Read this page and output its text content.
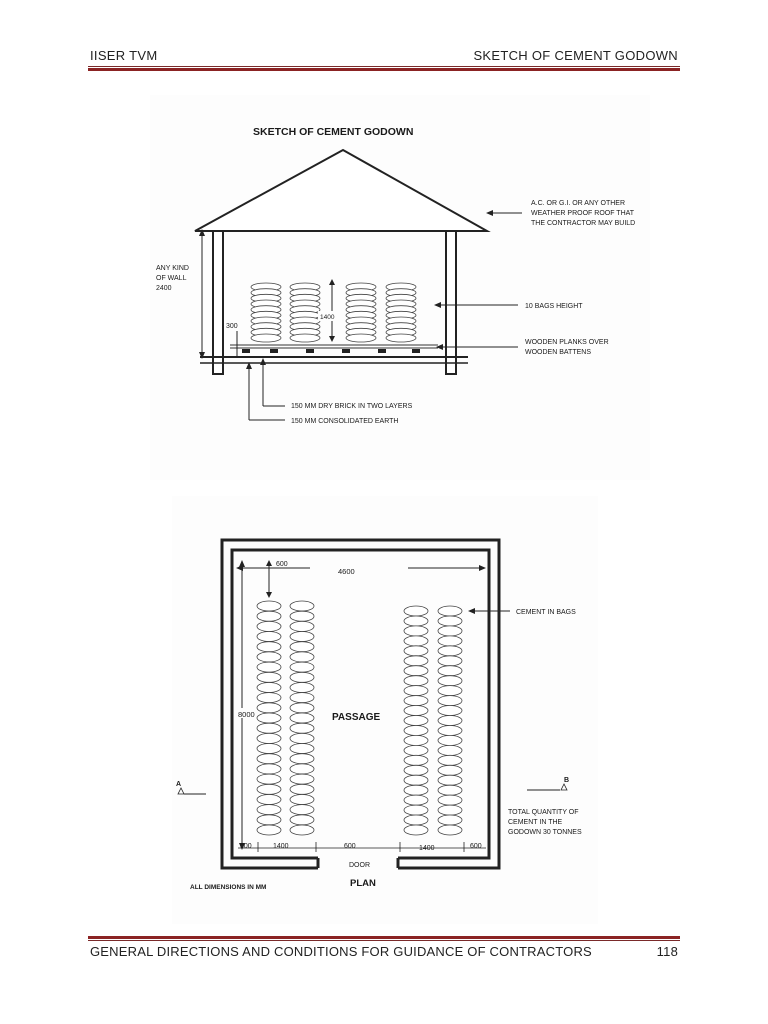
IISER TVM	SKETCH OF CEMENT GODOWN
SKETCH OF CEMENT GODOWN
1400
ANY KIND
OF WALL
2400
300
A.C. OR G.I. OR ANY OTHER
WEATHER PROOF ROOF THAT
THE CONTRACTOR MAY BUILD
10 BAGS HEIGHT
WOODEN PLANKS OVER
WOODEN BATTENS
150 MM DRY BRICK IN TWO LAYERS
150 MM CONSOLIDATED EARTH
4600
600
8000	PASSAGE
CEMENT IN BAGS
A
B
TOTAL QUANTITY OF
CEMENT IN THE
GODOWN 30 TONNES
600	1400	600	1400	600
DOOR
PLAN
ALL DIMENSIONS IN MM
GENERAL DIRECTIONS AND CONDITIONS FOR GUIDANCE OF CONTRACTORS	118
